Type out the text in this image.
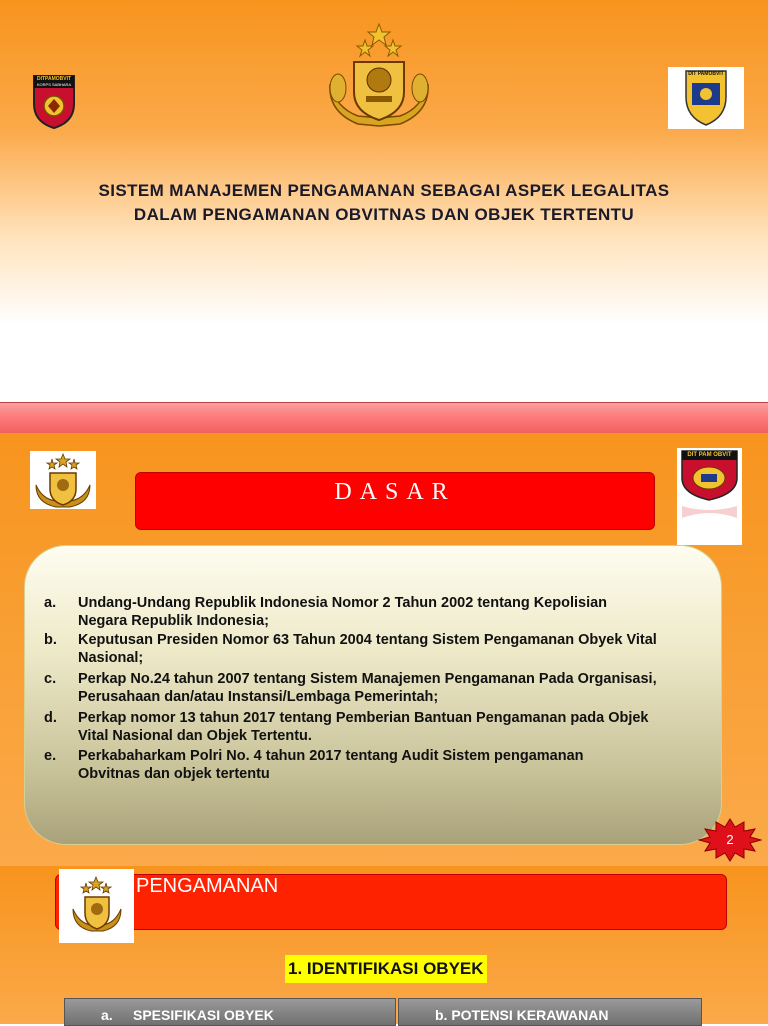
DITPAMOBVIT
KORPS SABHARA
DIT PAMOBVIT
SISTEM MANAJEMEN PENGAMANAN SEBAGAI ASPEK LEGALITAS
DALAM PENGAMANAN OBVITNAS DAN OBJEK TERTENTU
DASAR
DIT PAM OBVIT
a. Undang-Undang Republik Indonesia Nomor 2 Tahun 2002 tentang Kepolisian
Negara Republik Indonesia;
b. Keputusan Presiden Nomor 63 Tahun 2004 tentang Sistem Pengamanan Obyek Vital
Nasional;
c. Perkap No.24 tahun 2007 tentang Sistem Manajemen Pengamanan Pada Organisasi,
Perusahaan dan/atau Instansi/Lembaga Pemerintah;
d. Perkap nomor 13 tahun 2017 tentang Pemberian Bantuan Pengamanan pada Objek
Vital Nasional dan Objek Tertentu.
e. Perkabaharkam Polri No. 4 tahun 2017 tentang Audit Sistem pengamanan
Obvitnas dan objek tertentu
2
PENGAMANAN
1. IDENTIFIKASI OBYEK
a. SPESIFIKASI OBYEK	b. POTENSI KERAWANAN
